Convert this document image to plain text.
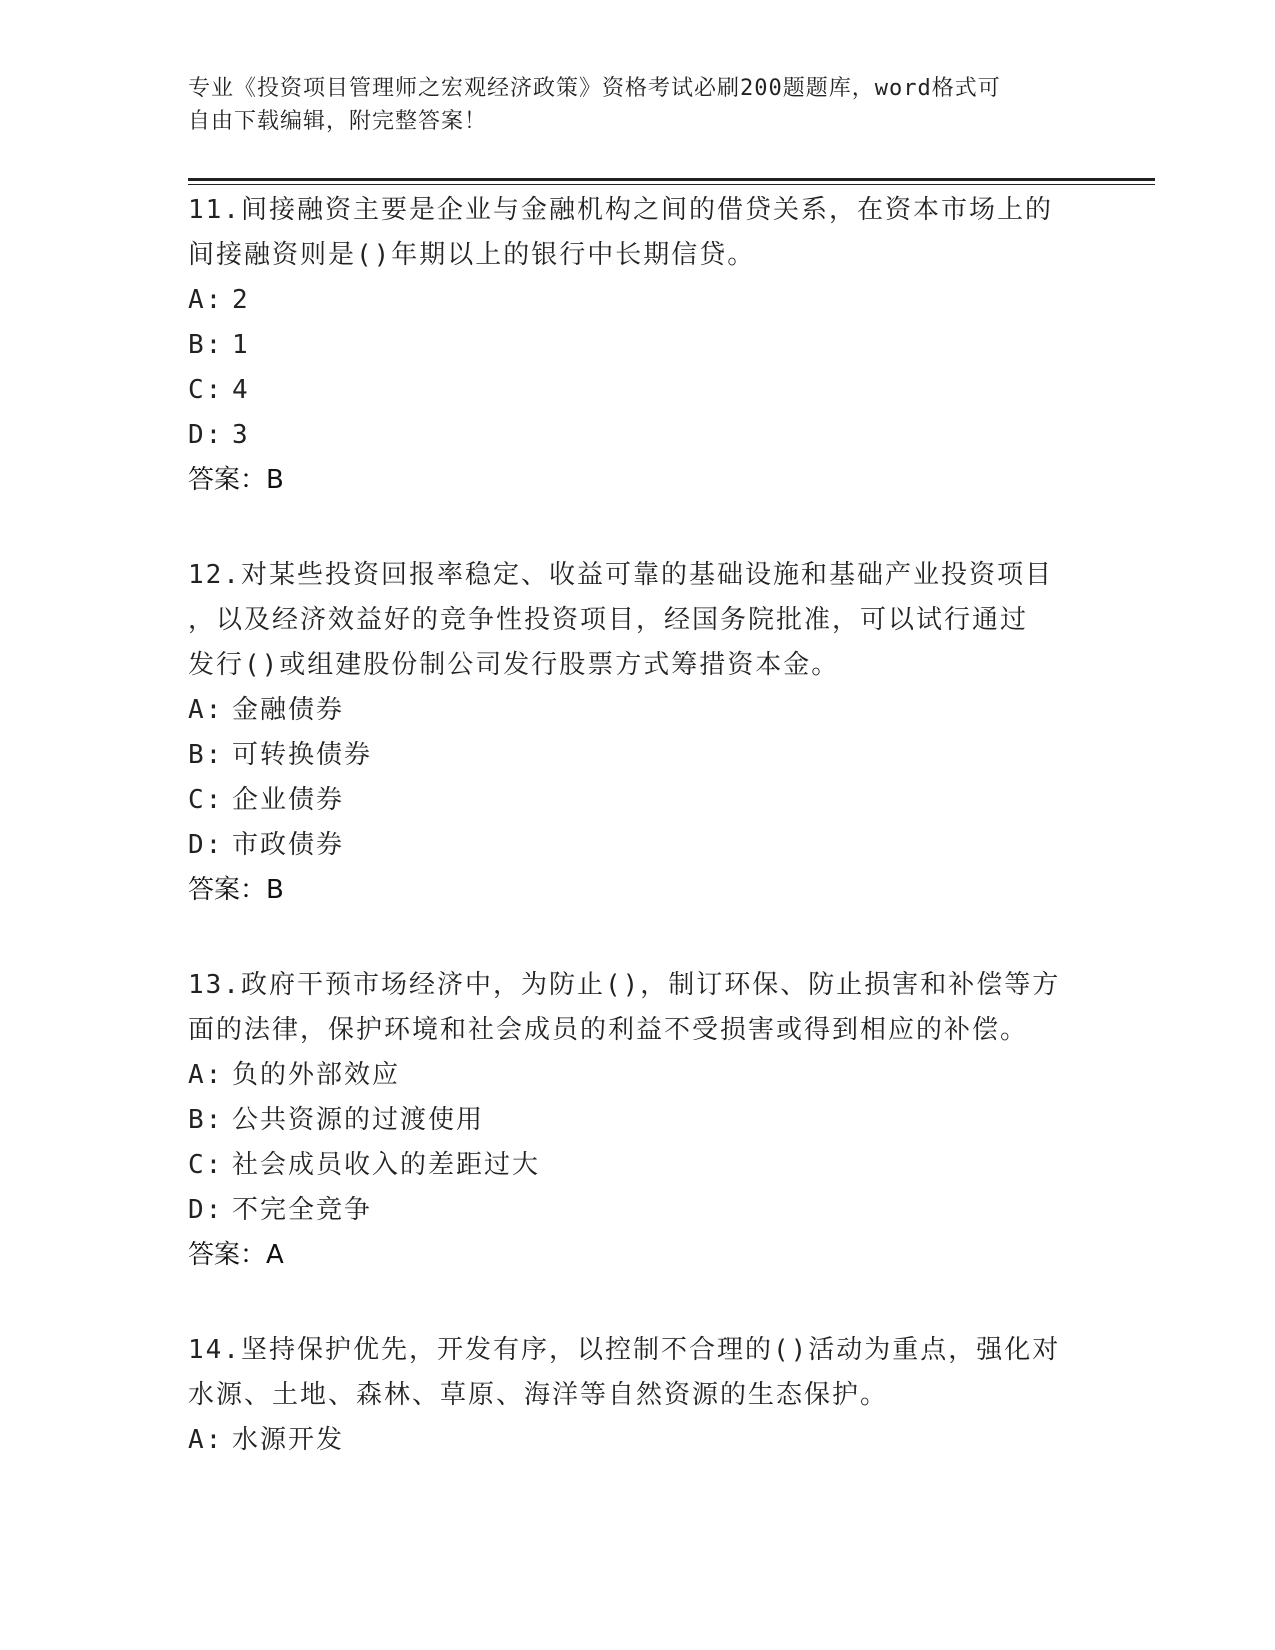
专业《投资项目管理师之宏观经济政策》资格考试必刷200题题库，word格式可
自由下载编辑，附完整答案！

11.间接融资主要是企业与金融机构之间的借贷关系，在资本市场上的
间接融资则是()年期以上的银行中长期信贷。

A: 2
B: 1
C: 4
D: 3
答案：B

12.对某些投资回报率稳定、收益可靠的基础设施和基础产业投资项目
，以及经济效益好的竞争性投资项目，经国务院批准，可以试行通过
发行()或组建股份制公司发行股票方式筹措资本金。

A: 金融债券
B: 可转换债券
C: 企业债券
D: 市政债券
答案：B

13.政府干预市场经济中，为防止()，制订环保、防止损害和补偿等方
面的法律，保护环境和社会成员的利益不受损害或得到相应的补偿。

A: 负的外部效应
B: 公共资源的过渡使用
C: 社会成员收入的差距过大
D: 不完全竞争
答案：A

14.坚持保护优先，开发有序，以控制不合理的()活动为重点，强化对
水源、土地、森林、草原、海洋等自然资源的生态保护。

A: 水源开发
